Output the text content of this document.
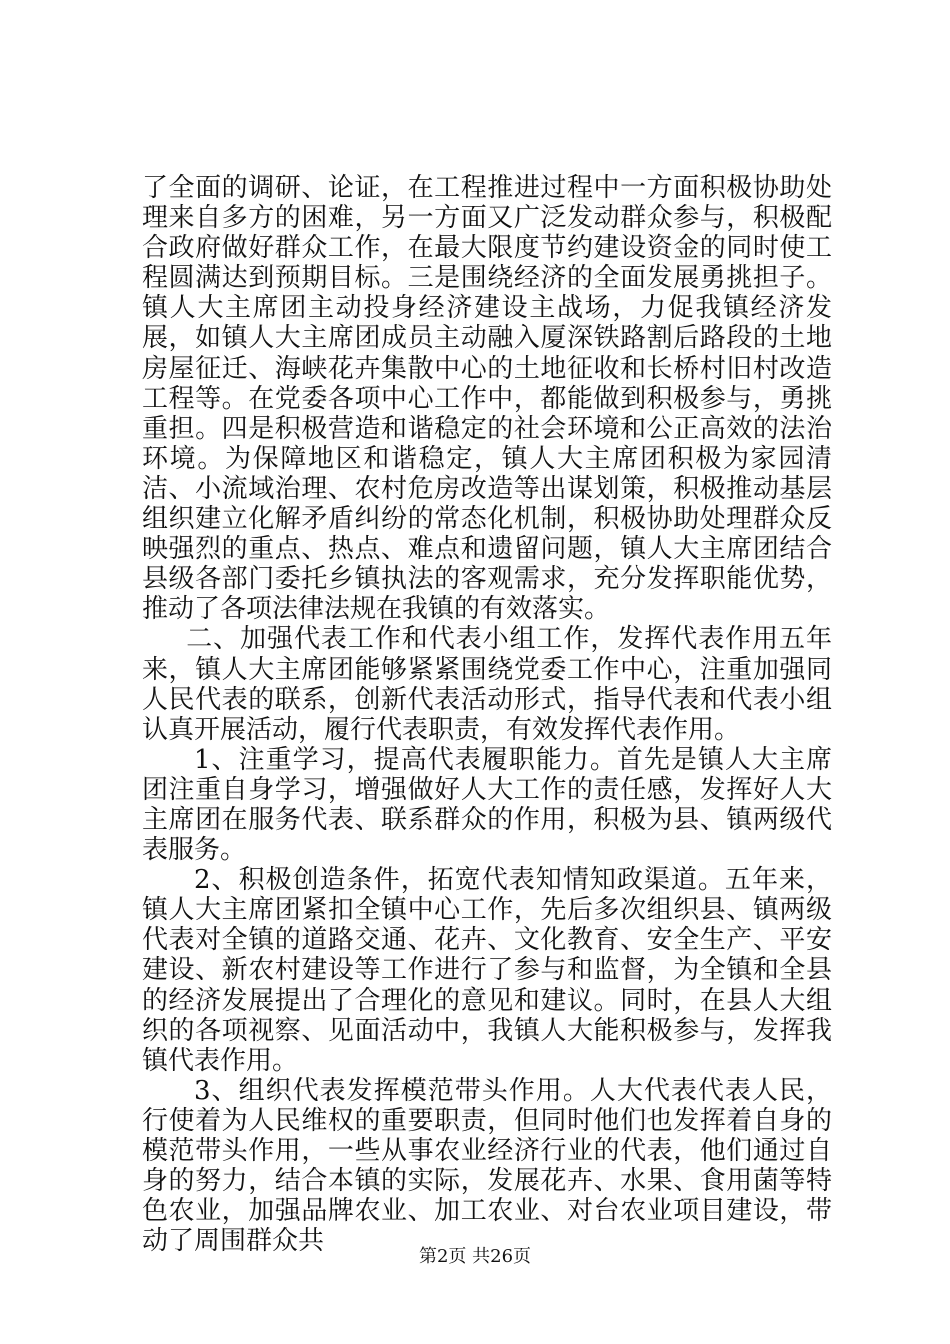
了全面的调研、论证，在工程推进过程中一方面积极协助处理来自多方的困难，另一方面又广泛发动群众参与，积极配合政府做好群众工作，在最大限度节约建设资金的同时使工程圆满达到预期目标。三是围绕经济的全面发展勇挑担子。镇人大主席团主动投身经济建设主战场，力促我镇经济发展，如镇人大主席团成员主动融入厦深铁路割后路段的土地房屋征迁、海峡花卉集散中心的土地征收和长桥村旧村改造工程等。在党委各项中心工作中，都能做到积极参与，勇挑重担。四是积极营造和谐稳定的社会环境和公正高效的法治环境。为保障地区和谐稳定，镇人大主席团积极为家园清洁、小流域治理、农村危房改造等出谋划策，积极推动基层组织建立化解矛盾纠纷的常态化机制，积极协助处理群众反映强烈的重点、热点、难点和遗留问题，镇人大主席团结合县级各部门委托乡镇执法的客观需求，充分发挥职能优势，推动了各项法律法规在我镇的有效落实。

二、加强代表工作和代表小组工作，发挥代表作用五年来，镇人大主席团能够紧紧围绕党委工作中心，注重加强同人民代表的联系，创新代表活动形式，指导代表和代表小组认真开展活动，履行代表职责，有效发挥代表作用。

1、注重学习，提高代表履职能力。首先是镇人大主席团注重自身学习，增强做好人大工作的责任感，发挥好人大主席团在服务代表、联系群众的作用，积极为县、镇两级代表服务。

2、积极创造条件，拓宽代表知情知政渠道。五年来，镇人大主席团紧扣全镇中心工作，先后多次组织县、镇两级代表对全镇的道路交通、花卉、文化教育、安全生产、平安建设、新农村建设等工作进行了参与和监督，为全镇和全县的经济发展提出了合理化的意见和建议。同时，在县人大组织的各项视察、见面活动中，我镇人大能积极参与，发挥我镇代表作用。

3、组织代表发挥模范带头作用。人大代表代表人民，行使着为人民维权的重要职责，但同时他们也发挥着自身的模范带头作用，一些从事农业经济行业的代表，他们通过自身的努力，结合本镇的实际，发展花卉、水果、食用菌等特色农业，加强品牌农业、加工农业、对台农业项目建设，带动了周围群众共

第2页 共26页
